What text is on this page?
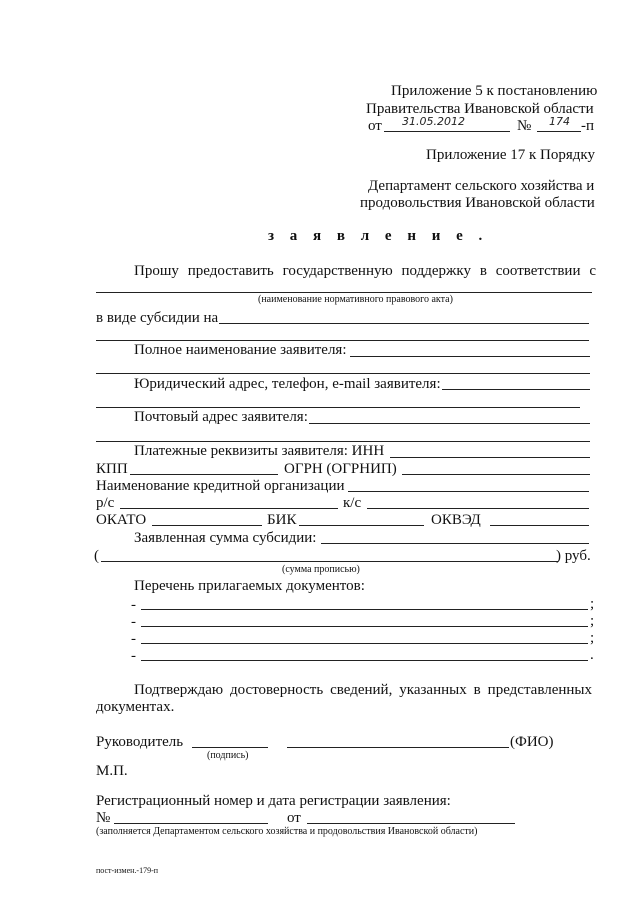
Приложение 5 к постановлению
Правительства Ивановской области
от 31.05.2012	№ 174 -п
Приложение 17 к Порядку
Департамент сельского хозяйства и
продовольствия Ивановской области
з а я в л е н и е .
Прошу предоставить государственную поддержку в соответствии с
(наименование нормативного правового акта)
в виде субсидии на
Полное наименование заявителя:
Юридический адрес, телефон, e-mail заявителя:
Почтовый адрес заявителя:
Платежные реквизиты заявителя: ИНН
КПП	ОГРН (ОГРНИП)
Наименование кредитной организации
р/с	к/с
ОКАТО	БИК	ОКВЭД
Заявленная сумма субсидии:
(	) руб.
(сумма прописью)
Перечень прилагаемых документов:
-	;
-	;
-	;
-	.
Подтверждаю достоверность сведений, указанных в представленных
документах.
Руководитель
(подпись)
(ФИО)
М.П.
Регистрационный номер и дата регистрации заявления:
№	от
(заполняется Департаментом сельского хозяйства и продовольствия Ивановской области)
пост-измен.-179-п
